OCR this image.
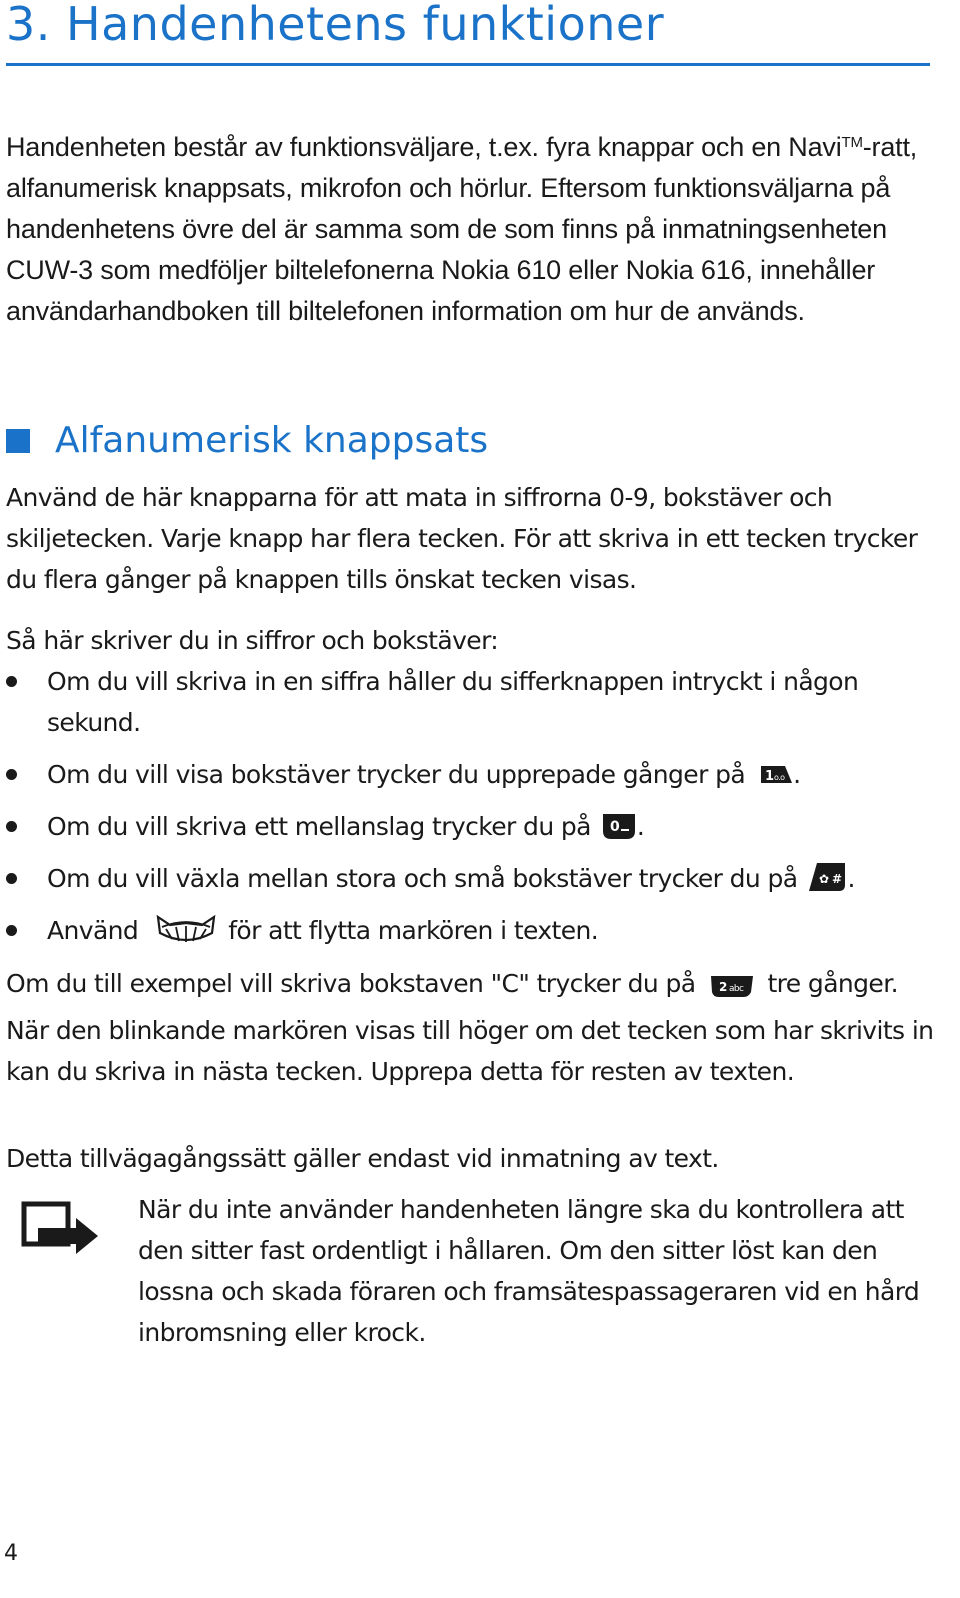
3. Handenhetens funktioner

Handenheten består av funktionsväljare, t.ex. fyra knappar och en Navi™-ratt, alfanumerisk knappsats, mikrofon och hörlur. Eftersom funktionsväljarna på handenhetens övre del är samma som de som finns på inmatningsenheten CUW-3 som medföljer biltelefonerna Nokia 610 eller Nokia 616, innehåller användarhandboken till biltelefonen information om hur de används.

Alfanumerisk knappsats

Använd de här knapparna för att mata in siffrorna 0-9, bokstäver och skiljetecken. Varje knapp har flera tecken. För att skriva in ett tecken trycker du flera gånger på knappen tills önskat tecken visas.

Så här skriver du in siffror och bokstäver:

Om du vill skriva in en siffra håller du sifferknappen intryckt i någon sekund.
Om du vill visa bokstäver trycker du upprepade gånger på 1 o.o .
Om du vill skriva ett mellanslag trycker du på 0 .
Om du vill växla mellan stora och små bokstäver trycker du på ✿ # .
Använd	för att flytta markören i texten.

Om du till exempel vill skriva bokstaven "C" trycker du på 2 abc tre gånger. När den blinkande markören visas till höger om det tecken som har skrivits in kan du skriva in nästa tecken. Upprepa detta för resten av texten.

Detta tillvägagångssätt gäller endast vid inmatning av text.

När du inte använder handenheten längre ska du kontrollera att den sitter fast ordentligt i hållaren. Om den sitter löst kan den lossna och skada föraren och framsätespassageraren vid en hård inbromsning eller krock.

4
